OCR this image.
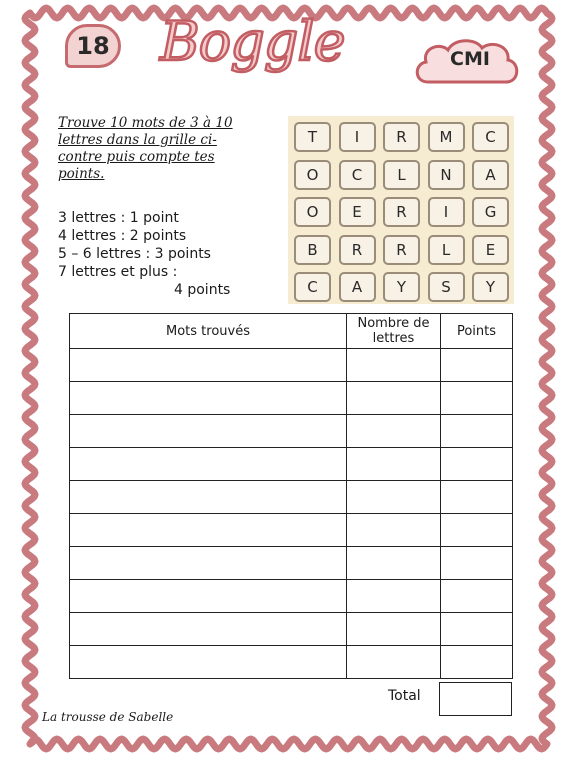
18 Boggle	CMI
Trouve 10 mots de 3 à 10 lettres dans la grille ci-contre puis compte tes points.
3 lettres : 1 point
4 lettres : 2 points
5 – 6 lettres : 3 points
7 lettres et plus :
4 points
T	I	R	M	C
O	C	L	N	A
O	E	R	I	G
B	R	R	L	E
C	A	Y	S	Y
Mots trouvés	Nombre de lettres	Points

Total
La trousse de Sabelle
